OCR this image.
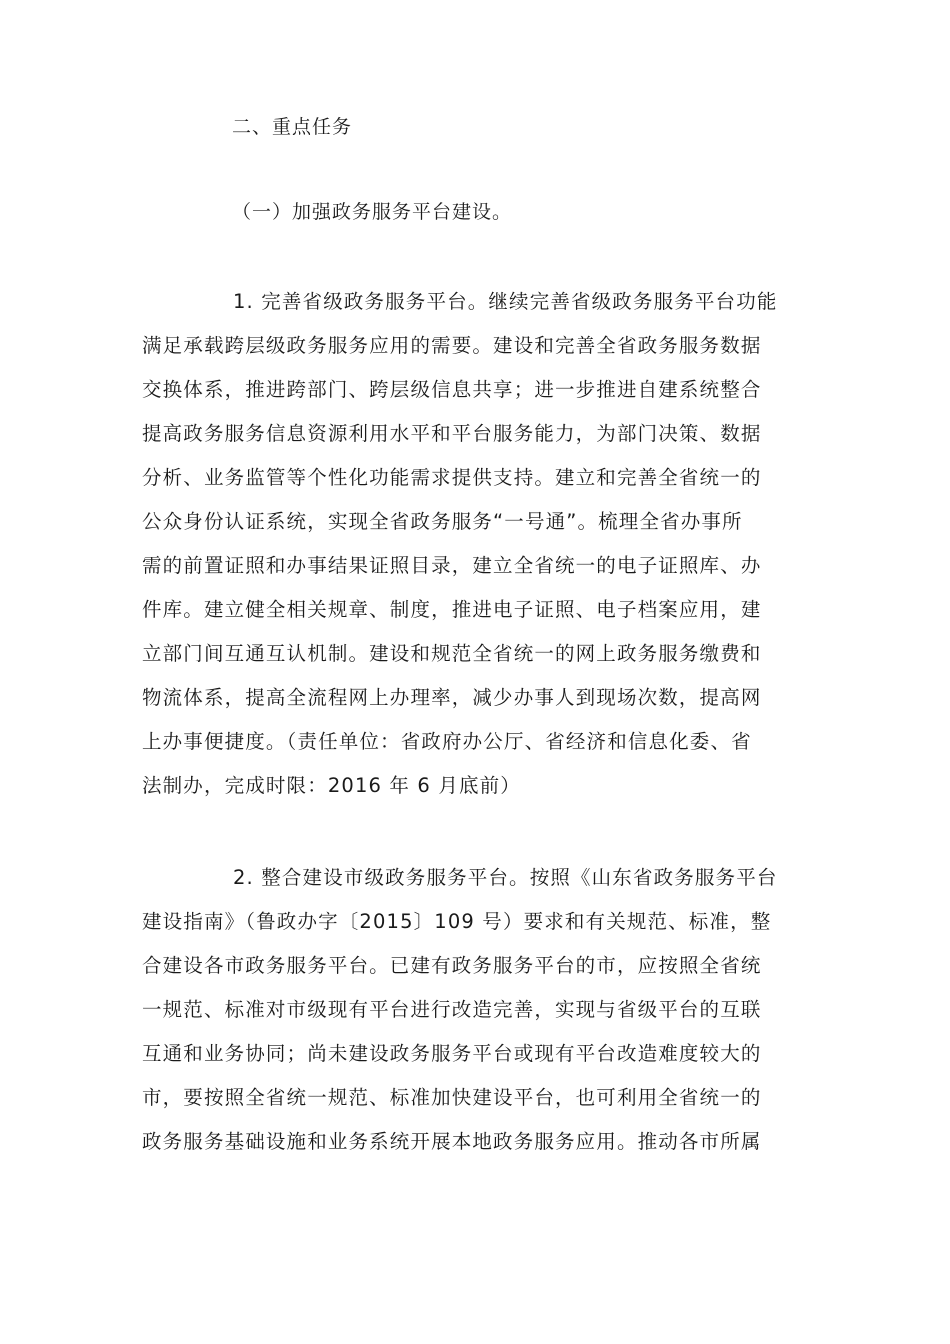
二、重点任务
（一）加强政务服务平台建设。
1. 完善省级政务服务平台。继续完善省级政务服务平台功能
满足承载跨层级政务服务应用的需要。建设和完善全省政务服务数据
交换体系，推进跨部门、跨层级信息共享；进一步推进自建系统整合
提高政务服务信息资源利用水平和平台服务能力，为部门决策、数据
分析、业务监管等个性化功能需求提供支持。建立和完善全省统一的
公众身份认证系统，实现全省政务服务“一号通”。梳理全省办事所
需的前置证照和办事结果证照目录，建立全省统一的电子证照库、办
件库。建立健全相关规章、制度，推进电子证照、电子档案应用，建
立部门间互通互认机制。建设和规范全省统一的网上政务服务缴费和
物流体系，提高全流程网上办理率，减少办事人到现场次数，提高网
上办事便捷度。（责任单位：省政府办公厅、省经济和信息化委、省
法制办，完成时限：2016 年 6 月底前）
2. 整合建设市级政务服务平台。按照《山东省政务服务平台
建设指南》（鲁政办字〔2015〕109 号）要求和有关规范、标准，整
合建设各市政务服务平台。已建有政务服务平台的市，应按照全省统
一规范、标准对市级现有平台进行改造完善，实现与省级平台的互联
互通和业务协同；尚未建设政务服务平台或现有平台改造难度较大的
市，要按照全省统一规范、标准加快建设平台，也可利用全省统一的
政务服务基础设施和业务系统开展本地政务服务应用。推动各市所属
